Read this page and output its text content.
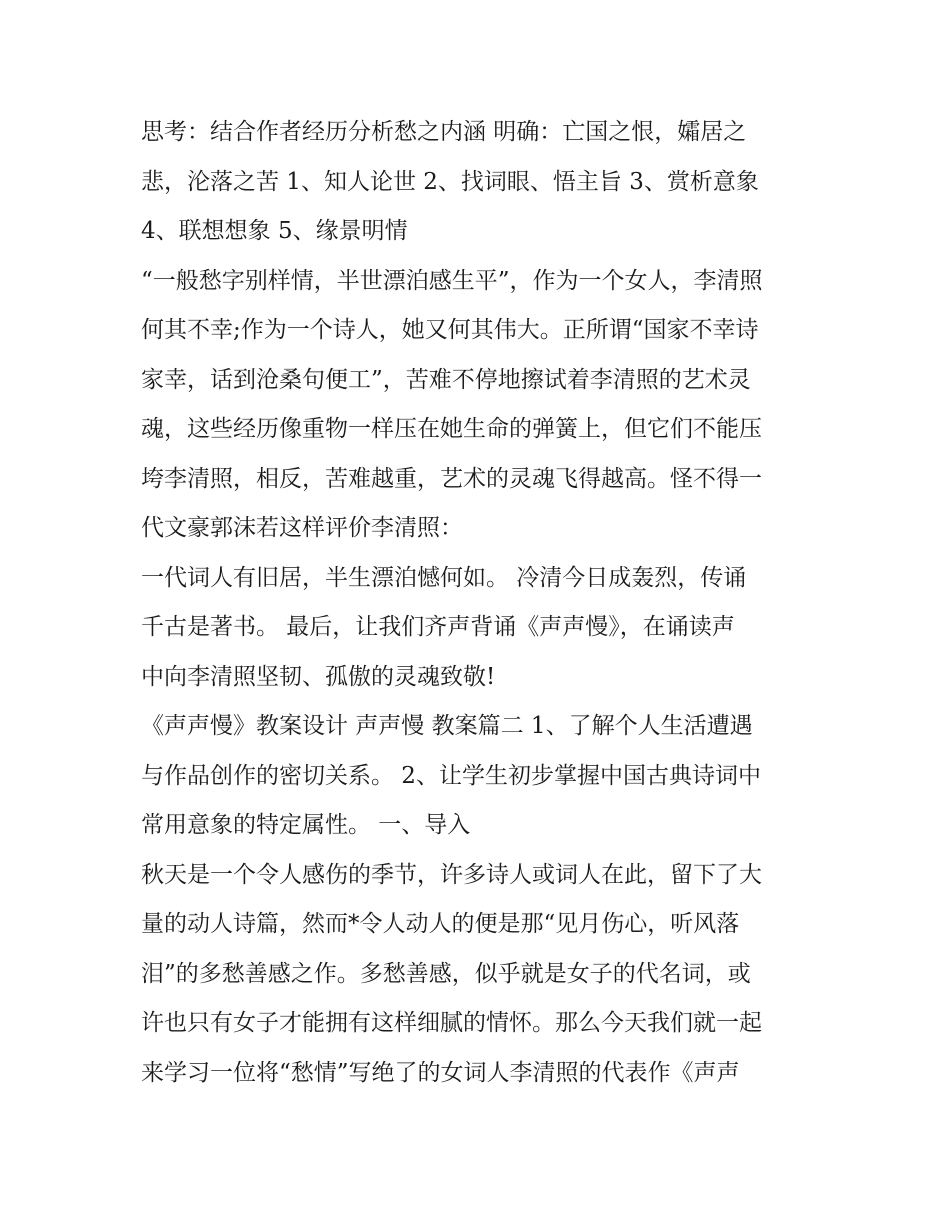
思考：结合作者经历分析愁之内涵 明确：亡国之恨，孀居之
悲，沦落之苦 1、知人论世 2、找词眼、悟主旨 3、赏析意象
4、联想想象 5、缘景明情
“一般愁字别样情，半世漂泊感生平”，作为一个女人，李清照
何其不幸;作为一个诗人，她又何其伟大。正所谓“国家不幸诗
家幸，话到沧桑句便工”，苦难不停地擦试着李清照的艺术灵
魂，这些经历像重物一样压在她生命的弹簧上，但它们不能压
垮李清照，相反，苦难越重，艺术的灵魂飞得越高。怪不得一
代文豪郭沫若这样评价李清照：
一代词人有旧居，半生漂泊憾何如。 冷清今日成轰烈，传诵
千古是著书。 最后，让我们齐声背诵《声声慢》，在诵读声
中向李清照坚韧、孤傲的灵魂致敬!
《声声慢》教案设计 声声慢 教案篇二 1、了解个人生活遭遇
与作品创作的密切关系。 2、让学生初步掌握中国古典诗词中
常用意象的特定属性。 一、导入
秋天是一个令人感伤的季节，许多诗人或词人在此，留下了大
量的动人诗篇，然而*令人动人的便是那“见月伤心，听风落
泪”的多愁善感之作。多愁善感，似乎就是女子的代名词，或
许也只有女子才能拥有这样细腻的情怀。那么今天我们就一起
来学习一位将“愁情”写绝了的女词人李清照的代表作《声声
